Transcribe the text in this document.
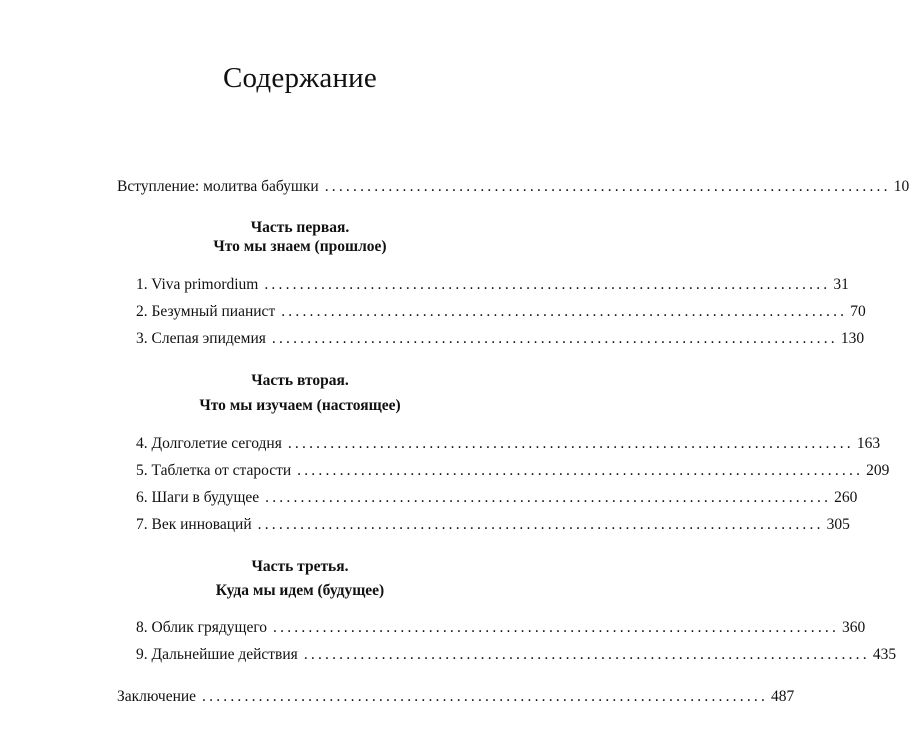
Содержание
Вступление: молитва бабушки ................................................................................ 10
Часть первая.
Что мы знаем (прошлое)
1. Viva primordium ................................................................................ 31
2. Безумный пианист ................................................................................ 70
3. Слепая эпидемия ................................................................................ 130
Часть вторая.
Что мы изучаем (настоящее)
4. Долголетие сегодня ................................................................................ 163
5. Таблетка от старости ................................................................................ 209
6. Шаги в будущее ................................................................................ 260
7. Век инноваций ................................................................................ 305
Часть третья.
Куда мы идем (будущее)
8. Облик грядущего ................................................................................ 360
9. Дальнейшие действия ................................................................................ 435
Заключение ................................................................................ 487
